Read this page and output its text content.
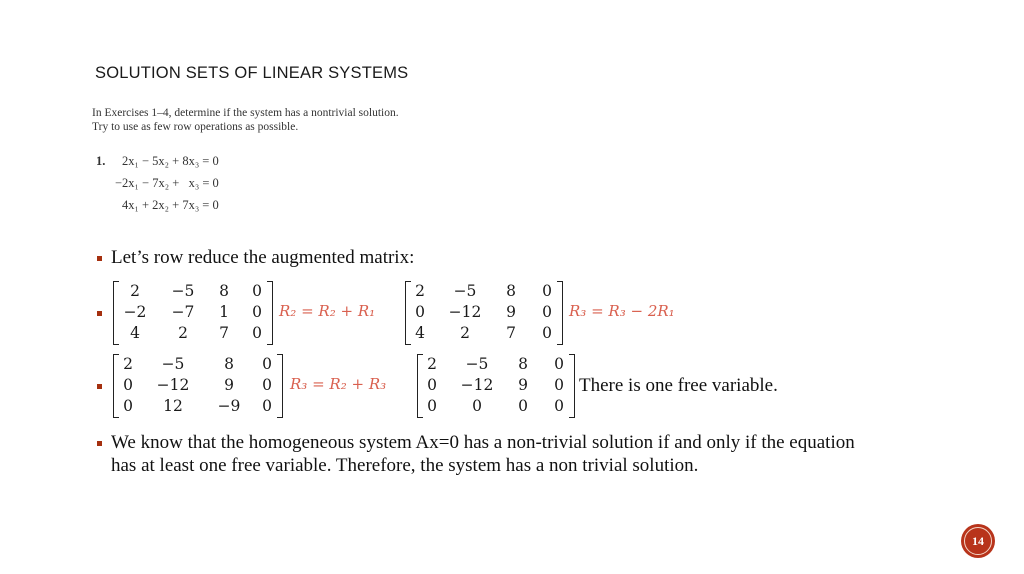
SOLUTION SETS OF LINEAR SYSTEMS

In Exercises 1–4, determine if the system has a nontrivial solution.

Try to use as few row operations as possible.

1. 2x₁ − 5x₂ + 8x₃ = 0
−2x₁ − 7x₂ +   x₃ = 0
4x₁ + 2x₂ + 7x₃ = 0
Let’s row reduce the augmented matrix:
2	−5	8	0
−2	−7	1	0
4	2	7	0
R₂ = R₂ + R₁
2	−5	8	0
0 −12	9	0
4	2	7	0
R₃ = R₃ − 2R₁
2	−5	8	0
0 −12	9	0
0	12	−9	0
R₃ = R₂ + R₃
2	−5	8	0
0 −12	9	0
0	0	0	0
There is one free variable.
We know that the homogeneous system Ax=0 has a non-trivial solution if and only if the equation
has at least one free variable. Therefore, the system has a non trivial solution.
14
